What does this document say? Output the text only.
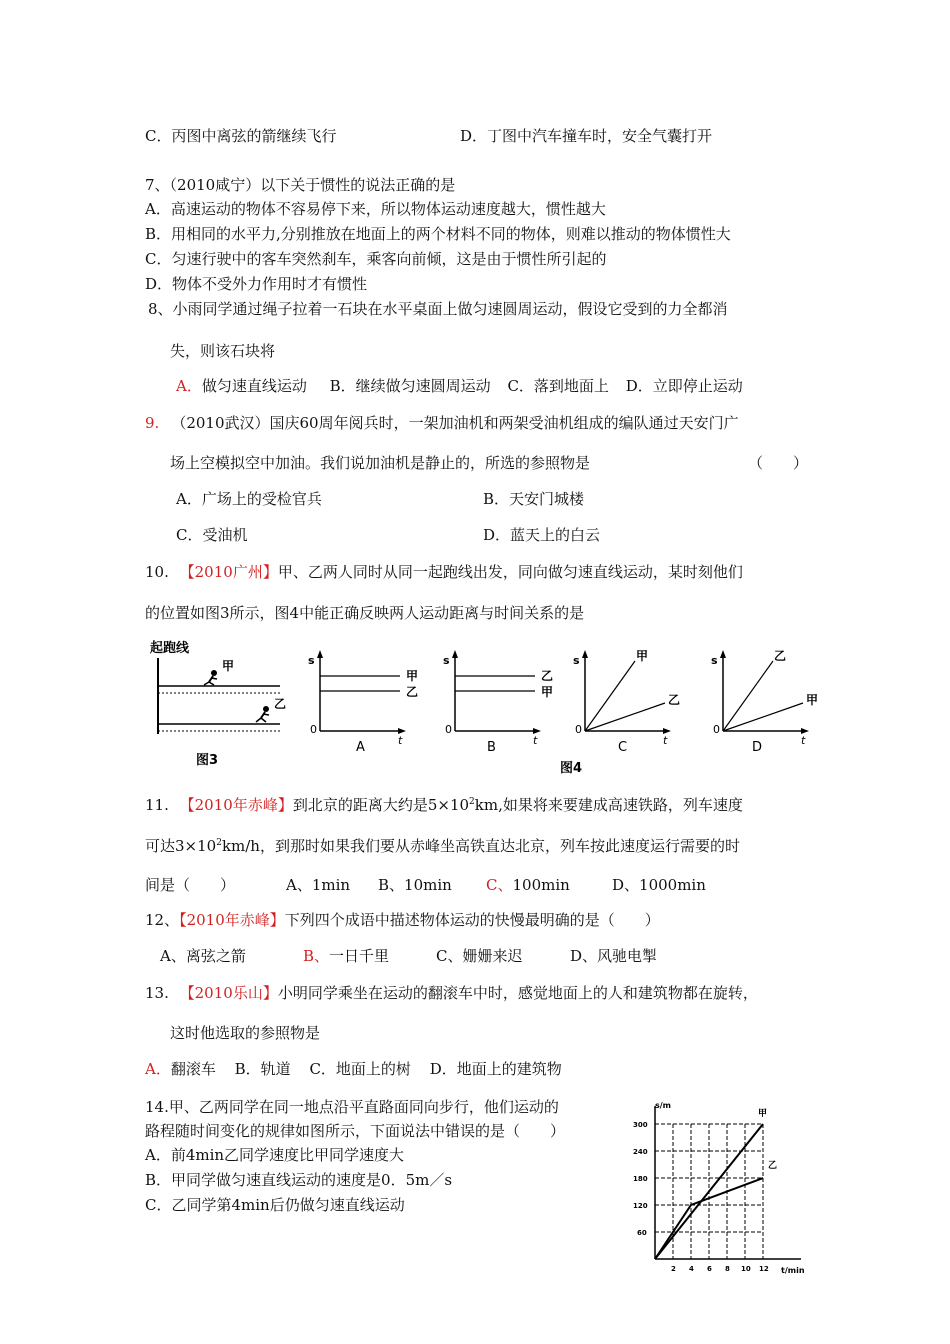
C．丙图中离弦的箭继续飞行	D．丁图中汽车撞车时，安全气囊打开
7、（2010咸宁）以下关于惯性的说法正确的是
A．高速运动的物体不容易停下来，所以物体运动速度越大，惯性越大
B．用相同的水平力,分别推放在地面上的两个材料不同的物体，则难以推动的物体惯性大
C．匀速行驶中的客车突然刹车，乘客向前倾，这是由于惯性所引起的
D．物体不受外力作用时才有惯性
8、小雨同学通过绳子拉着一石块在水平桌面上做匀速圆周运动，假设它受到的力全都消
失，则该石块将
A．做匀速直线运动 B．继续做匀速圆周运动 C．落到地面上 D．立即停止运动
9. （2010武汉）国庆60周年阅兵时，一架加油机和两架受油机组成的编队通过天安门广
场上空模拟空中加油。我们说加油机是静止的，所选的参照物是	（　　）
A．广场上的受检官兵	B．天安门城楼
C．受油机	D．蓝天上的白云
10. 【2010广州】甲、乙两人同时从同一起跑线出发，同向做匀速直线运动，某时刻他们
的位置如图3所示，图4中能正确反映两人运动距离与时间关系的是
起跑线
甲
乙
图3
s
0
t
甲
乙
A
s
0
t
乙
甲
B
s
0
t
甲
乙
C
s
0
t
乙
甲
D
图4
11. 【2010年赤峰】到北京的距离大约是$5\times 10^2km$,如果将来要建成高速铁路，列车速度
可达$3\times 10^2km/h$，到那时如果我们要从赤峰坐高铁直达北京，列车按此速度运行需要的时
间是（　　）	A、1min B、10min C、100min	D、1000min
12、【2010年赤峰】下列四个成语中描述物体运动的快慢最明确的是（　　）
A、离弦之箭	B、一日千里	C、姗姗来迟	D、风驰电掣
13. 【2010乐山】小明同学乘坐在运动的翻滚车中时，感觉地面上的人和建筑物都在旋转，
这时他选取的参照物是
A．翻滚车 B．轨道 C．地面上的树 D．地面上的建筑物
14.甲、乙两同学在同一地点沿平直路面同向步行，他们运动的
路程随时间变化的规律如图所示，下面说法中错误的是（　　）
A．前4min乙同学速度比甲同学速度大
B．甲同学做匀速直线运动的速度是0．5m／s
C．乙同学第4min后仍做匀速直线运动
s/m
t/min
300
240
180
120
60
2 4 6 8 10 12
甲
乙
